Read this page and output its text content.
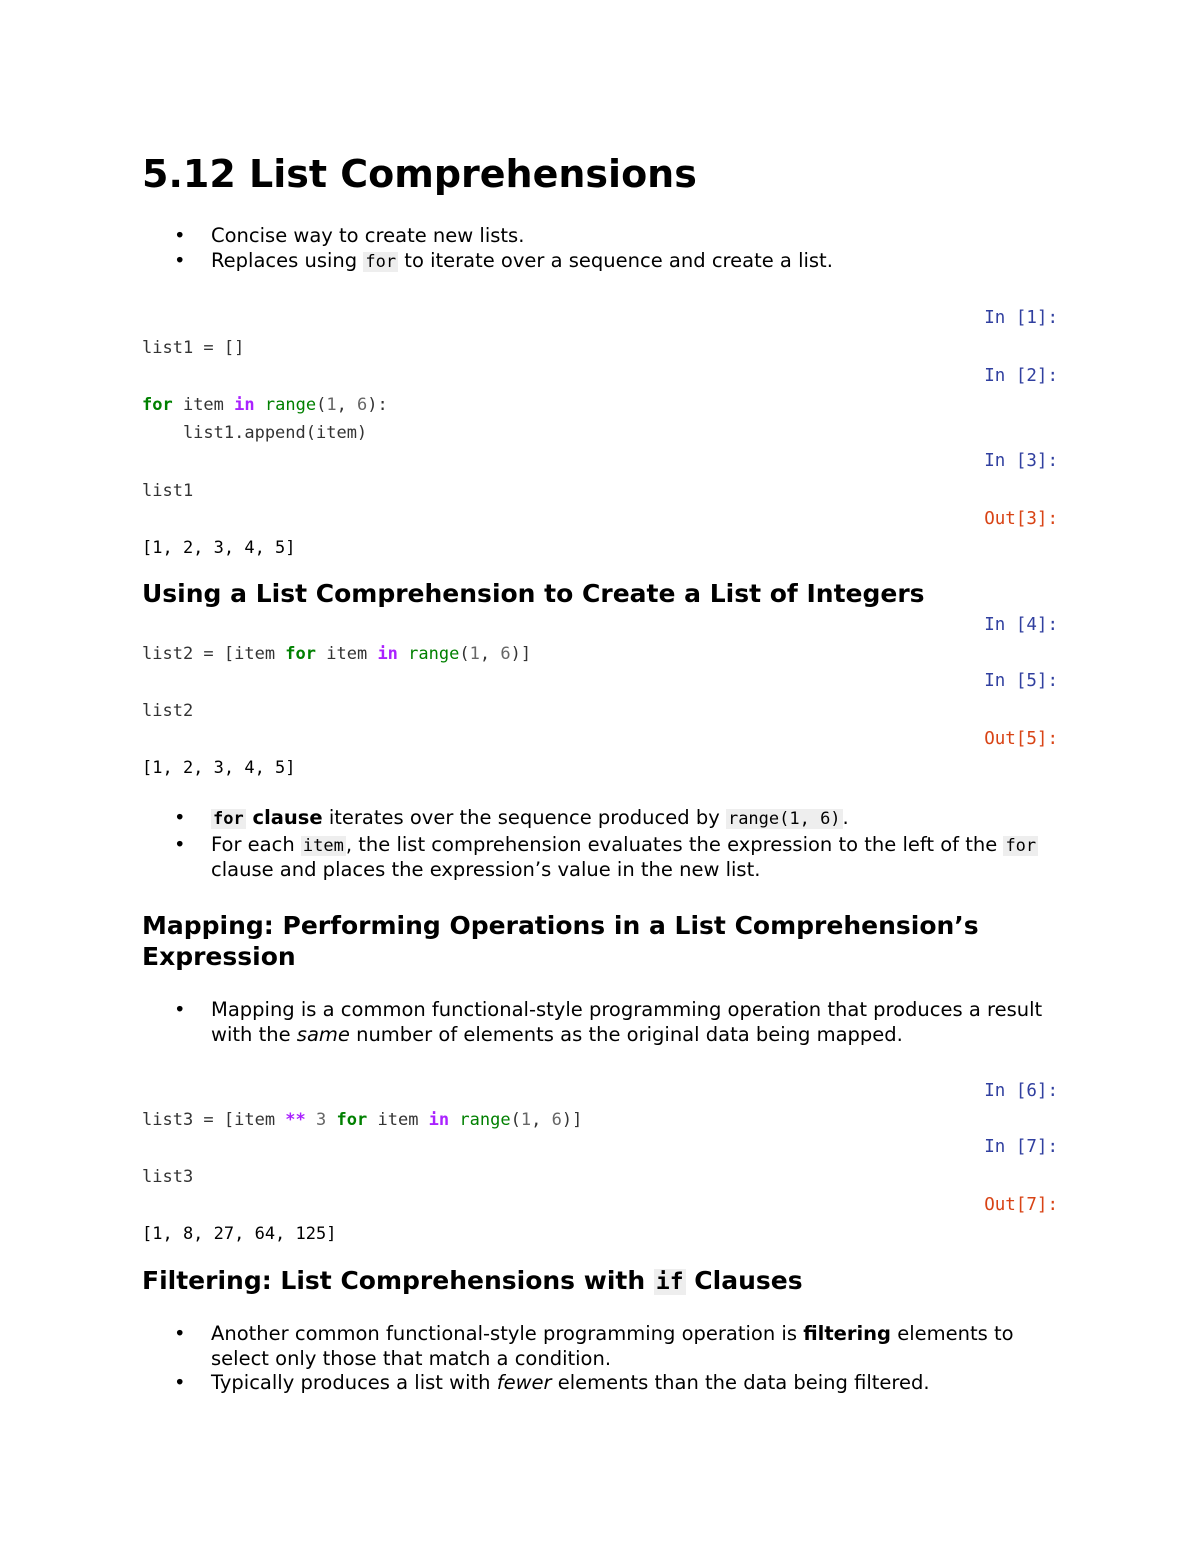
5.12 List Comprehensions
• Concise way to create new lists.
• Replaces using for to iterate over a sequence and create a list.
In [1]:
list1 = []
In [2]:
for item in range(1, 6):
list1.append(item)
In [3]:
list1
Out[3]:
[1, 2, 3, 4, 5]
Using a List Comprehension to Create a List of Integers
In [4]:
list2 = [item for item in range(1, 6)]
In [5]:
list2
Out[5]:
[1, 2, 3, 4, 5]
• for clause iterates over the sequence produced by range(1, 6) .
• For each item , the list comprehension evaluates the expression to the left of the for clause and places the expression’s value in the new list.
Mapping: Performing Operations in a List Comprehension’s
Expression
• Mapping is a common functional-style programming operation that produces a result with the same number of elements as the original data being mapped.
In [6]:
list3 = [item ** 3 for item in range(1, 6)]
In [7]:
list3
Out[7]:
[1, 8, 27, 64, 125]
Filtering: List Comprehensions with if Clauses
• Another common functional-style programming operation is filtering elements to select only those that match a condition.
• Typically produces a list with fewer elements than the data being filtered.
